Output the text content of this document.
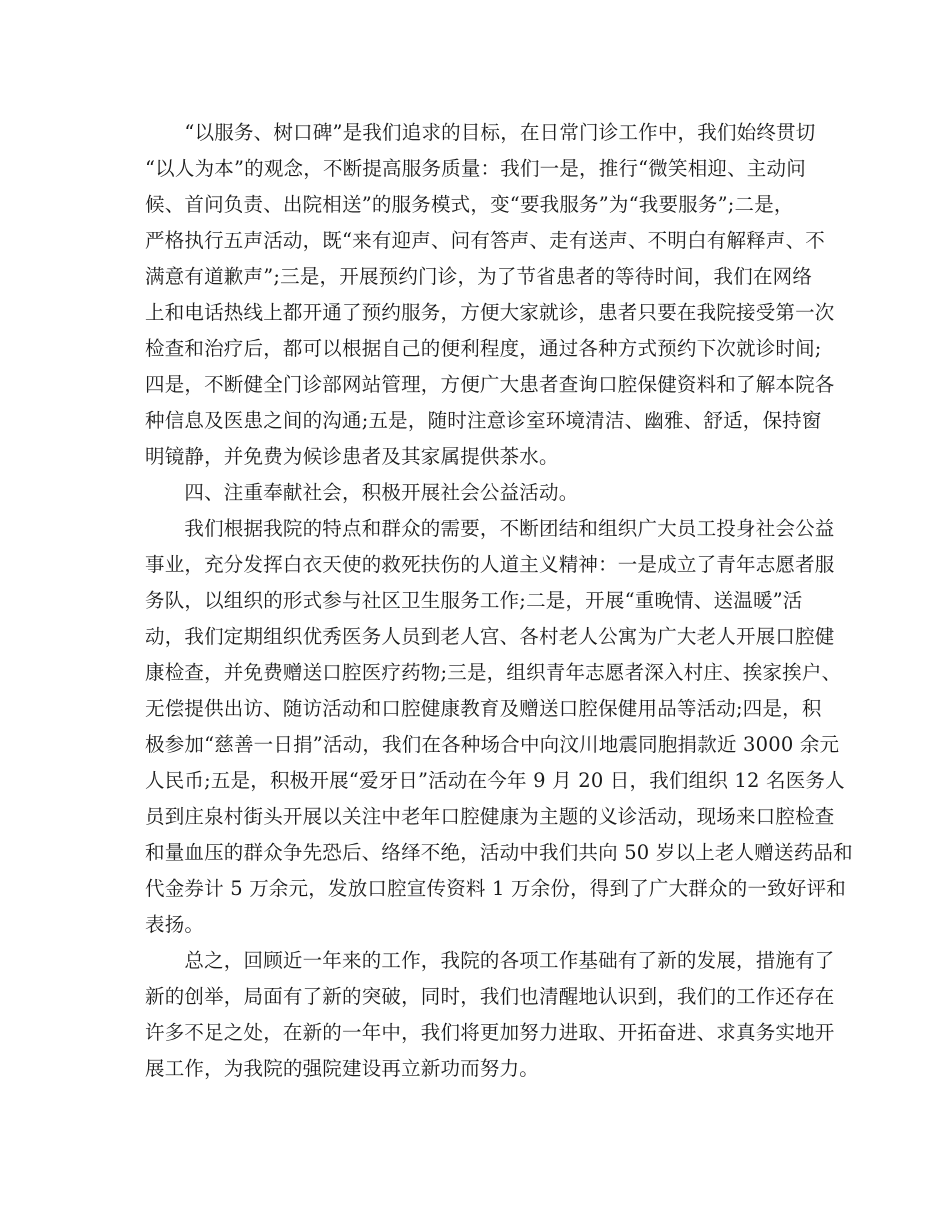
　　“以服务、树口碑”是我们追求的目标，在日常门诊工作中，我们始终贯切
“以人为本”的观念，不断提高服务质量：我们一是，推行“微笑相迎、主动问
候、首问负责、出院相送”的服务模式，变“要我服务”为“我要服务”;二是，
严格执行五声活动，既“来有迎声、问有答声、走有送声、不明白有解释声、不
满意有道歉声”;三是，开展预约门诊，为了节省患者的等待时间，我们在网络
上和电话热线上都开通了预约服务，方便大家就诊，患者只要在我院接受第一次
检查和治疗后，都可以根据自己的便利程度，通过各种方式预约下次就诊时间;
四是，不断健全门诊部网站管理，方便广大患者查询口腔保健资料和了解本院各
种信息及医患之间的沟通;五是，随时注意诊室环境清洁、幽雅、舒适，保持窗
明镜静，并免费为候诊患者及其家属提供茶水。
　　四、注重奉献社会，积极开展社会公益活动。
　　我们根据我院的特点和群众的需要，不断团结和组织广大员工投身社会公益
事业，充分发挥白衣天使的救死扶伤的人道主义精神：一是成立了青年志愿者服
务队，以组织的形式参与社区卫生服务工作;二是，开展“重晚情、送温暖”活
动，我们定期组织优秀医务人员到老人宫、各村老人公寓为广大老人开展口腔健
康检查，并免费赠送口腔医疗药物;三是，组织青年志愿者深入村庄、挨家挨户、
无偿提供出访、随访活动和口腔健康教育及赠送口腔保健用品等活动;四是，积
极参加“慈善一日捐”活动，我们在各种场合中向汶川地震同胞捐款近 3000 余元
人民币;五是，积极开展“爱牙日”活动在今年 9 月 20 日，我们组织 12 名医务人
员到庄泉村街头开展以关注中老年口腔健康为主题的义诊活动，现场来口腔检查
和量血压的群众争先恐后、络绎不绝，活动中我们共向 50 岁以上老人赠送药品和
代金券计 5 万余元，发放口腔宣传资料 1 万余份，得到了广大群众的一致好评和
表扬。
　　总之，回顾近一年来的工作，我院的各项工作基础有了新的发展，措施有了
新的创举，局面有了新的突破，同时，我们也清醒地认识到，我们的工作还存在
许多不足之处，在新的一年中，我们将更加努力进取、开拓奋进、求真务实地开
展工作，为我院的强院建设再立新功而努力。
